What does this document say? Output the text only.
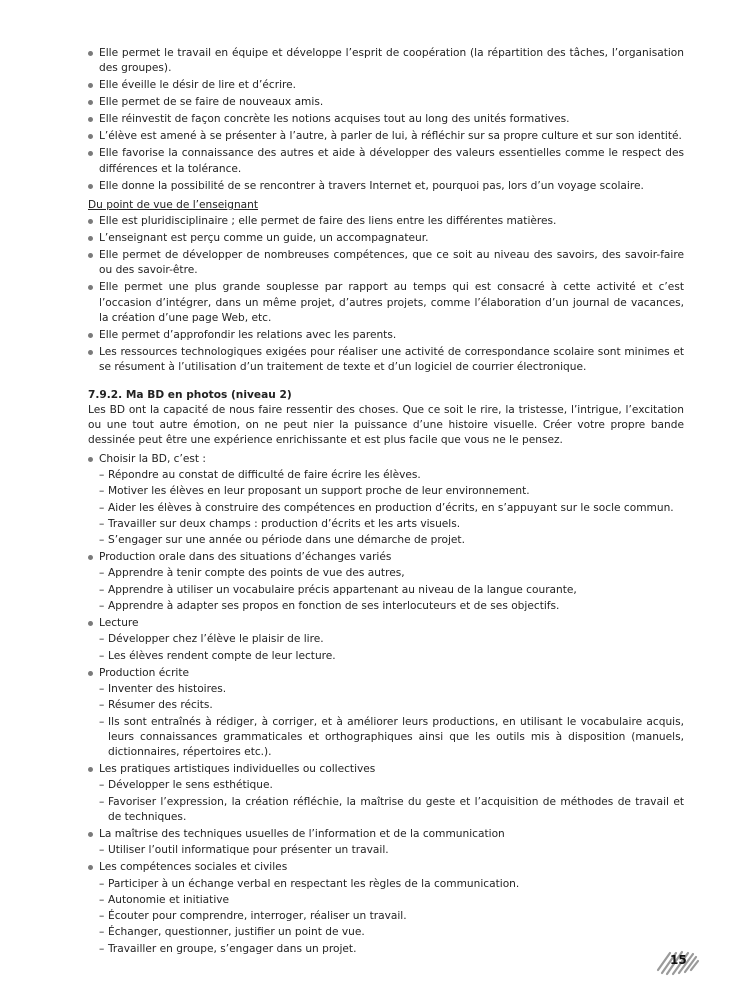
Elle permet le travail en équipe et développe l’esprit de coopération (la répartition des tâches, l’organisation des groupes).
Elle éveille le désir de lire et d’écrire.
Elle permet de se faire de nouveaux amis.
Elle réinvestit de façon concrète les notions acquises tout au long des unités formatives.
L’élève est amené à se présenter à l’autre, à parler de lui, à réfléchir sur sa propre culture et sur son identité.
Elle favorise la connaissance des autres et aide à développer des valeurs essentielles comme le respect des différences et la tolérance.
Elle donne la possibilité de se rencontrer à travers Internet et, pourquoi pas, lors d’un voyage scolaire.
Du point de vue de l’enseignant
Elle est pluridisciplinaire ; elle permet de faire des liens entre les différentes matières.
L’enseignant est perçu comme un guide, un accompagnateur.
Elle permet de développer de nombreuses compétences, que ce soit au niveau des savoirs, des savoir-faire ou des savoir-être.
Elle permet une plus grande souplesse par rapport au temps qui est consacré à cette activité et c’est l’occasion d’intégrer, dans un même projet, d’autres projets, comme l’élaboration d’un journal de vacances, la création d’une page Web, etc.
Elle permet d’approfondir les relations avec les parents.
Les ressources technologiques exigées pour réaliser une activité de correspondance scolaire sont minimes et se résument à l’utilisation d’un traitement de texte et d’un logiciel de courrier électronique.
7.9.2. Ma BD en photos (niveau 2)

Les BD ont la capacité de nous faire ressentir des choses. Que ce soit le rire, la tristesse, l’intrigue, l’excitation ou une tout autre émotion, on ne peut nier la puissance d’une histoire visuelle. Créer votre propre bande dessinée peut être une expérience enrichissante et est plus facile que vous ne le pensez.

Choisir la BD, c’est :
– Répondre au constat de difficulté de faire écrire les élèves.
– Motiver les élèves en leur proposant un support proche de leur environnement.
– Aider les élèves à construire des compétences en production d’écrits, en s’appuyant sur le socle commun.
– Travailler sur deux champs : production d’écrits et les arts visuels.
– S’engager sur une année ou période dans une démarche de projet.
Production orale dans des situations d’échanges variés
– Apprendre à tenir compte des points de vue des autres,
– Apprendre à utiliser un vocabulaire précis appartenant au niveau de la langue courante,
– Apprendre à adapter ses propos en fonction de ses interlocuteurs et de ses objectifs.
Lecture
– Développer chez l’élève le plaisir de lire.
– Les élèves rendent compte de leur lecture.
Production écrite
– Inventer des histoires.
– Résumer des récits.
– Ils sont entraînés à rédiger, à corriger, et à améliorer leurs productions, en utilisant le vocabulaire acquis, leurs connaissances grammaticales et orthographiques ainsi que les outils mis à disposition (manuels, dictionnaires, répertoires etc.).
Les pratiques artistiques individuelles ou collectives
– Développer le sens esthétique.
– Favoriser l’expression, la création réfléchie, la maîtrise du geste et l’acquisition de méthodes de travail et de techniques.
La maîtrise des techniques usuelles de l’information et de la communication
– Utiliser l’outil informatique pour présenter un travail.
Les compétences sociales et civiles
– Participer à un échange verbal en respectant les règles de la communication.
– Autonomie et initiative
– Écouter pour comprendre, interroger, réaliser un travail.
– Échanger, questionner, justifier un point de vue.
– Travailler en groupe, s’engager dans un projet.
15
